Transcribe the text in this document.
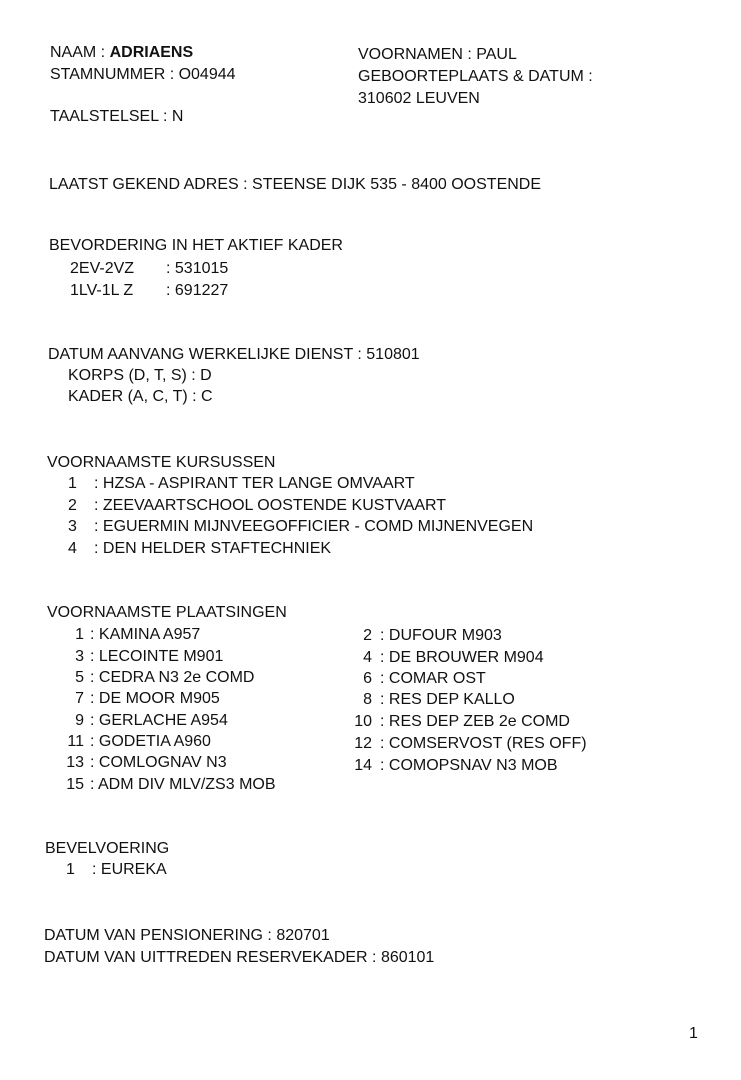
NAAM : ADRIAENS
STAMNUMMER : O04944
TAALSTELSEL : N
VOORNAMEN : PAUL
GEBOORTEPLAATS & DATUM :
310602 LEUVEN
LAATST GEKEND ADRES : STEENSE DIJK 535 - 8400 OOSTENDE
BEVORDERING IN HET AKTIEF KADER
2EV-2VZ : 531015
1LV-1L Z : 691227
DATUM AANVANG WERKELIJKE DIENST : 510801
KORPS (D, T, S) : D
KADER (A, C, T) : C
VOORNAAMSTE KURSUSSEN
1 : HZSA - ASPIRANT TER LANGE OMVAART
2 : ZEEVAARTSCHOOL OOSTENDE KUSTVAART
3 : EGUERMIN MIJNVEEGOFFICIER - COMD MIJNENVEGEN
4 : DEN HELDER STAFTECHNIEK
VOORNAAMSTE PLAATSINGEN
1 : KAMINA A957
3 : LECOINTE M901
5 : CEDRA N3 2e COMD
7 : DE MOOR M905
9 : GERLACHE A954
11 : GODETIA A960
13 : COMLOGNAV N3
15 : ADM DIV MLV/ZS3 MOB
2 : DUFOUR M903
4 : DE BROUWER M904
6 : COMAR OST
8 : RES DEP KALLO
10 : RES DEP ZEB 2e COMD
12 : COMSERVOST (RES OFF)
14 : COMOPSNAV N3 MOB
BEVELVOERING
1 : EUREKA
DATUM VAN PENSIONERING : 820701
DATUM VAN UITTREDEN RESERVEKADER : 860101
1
